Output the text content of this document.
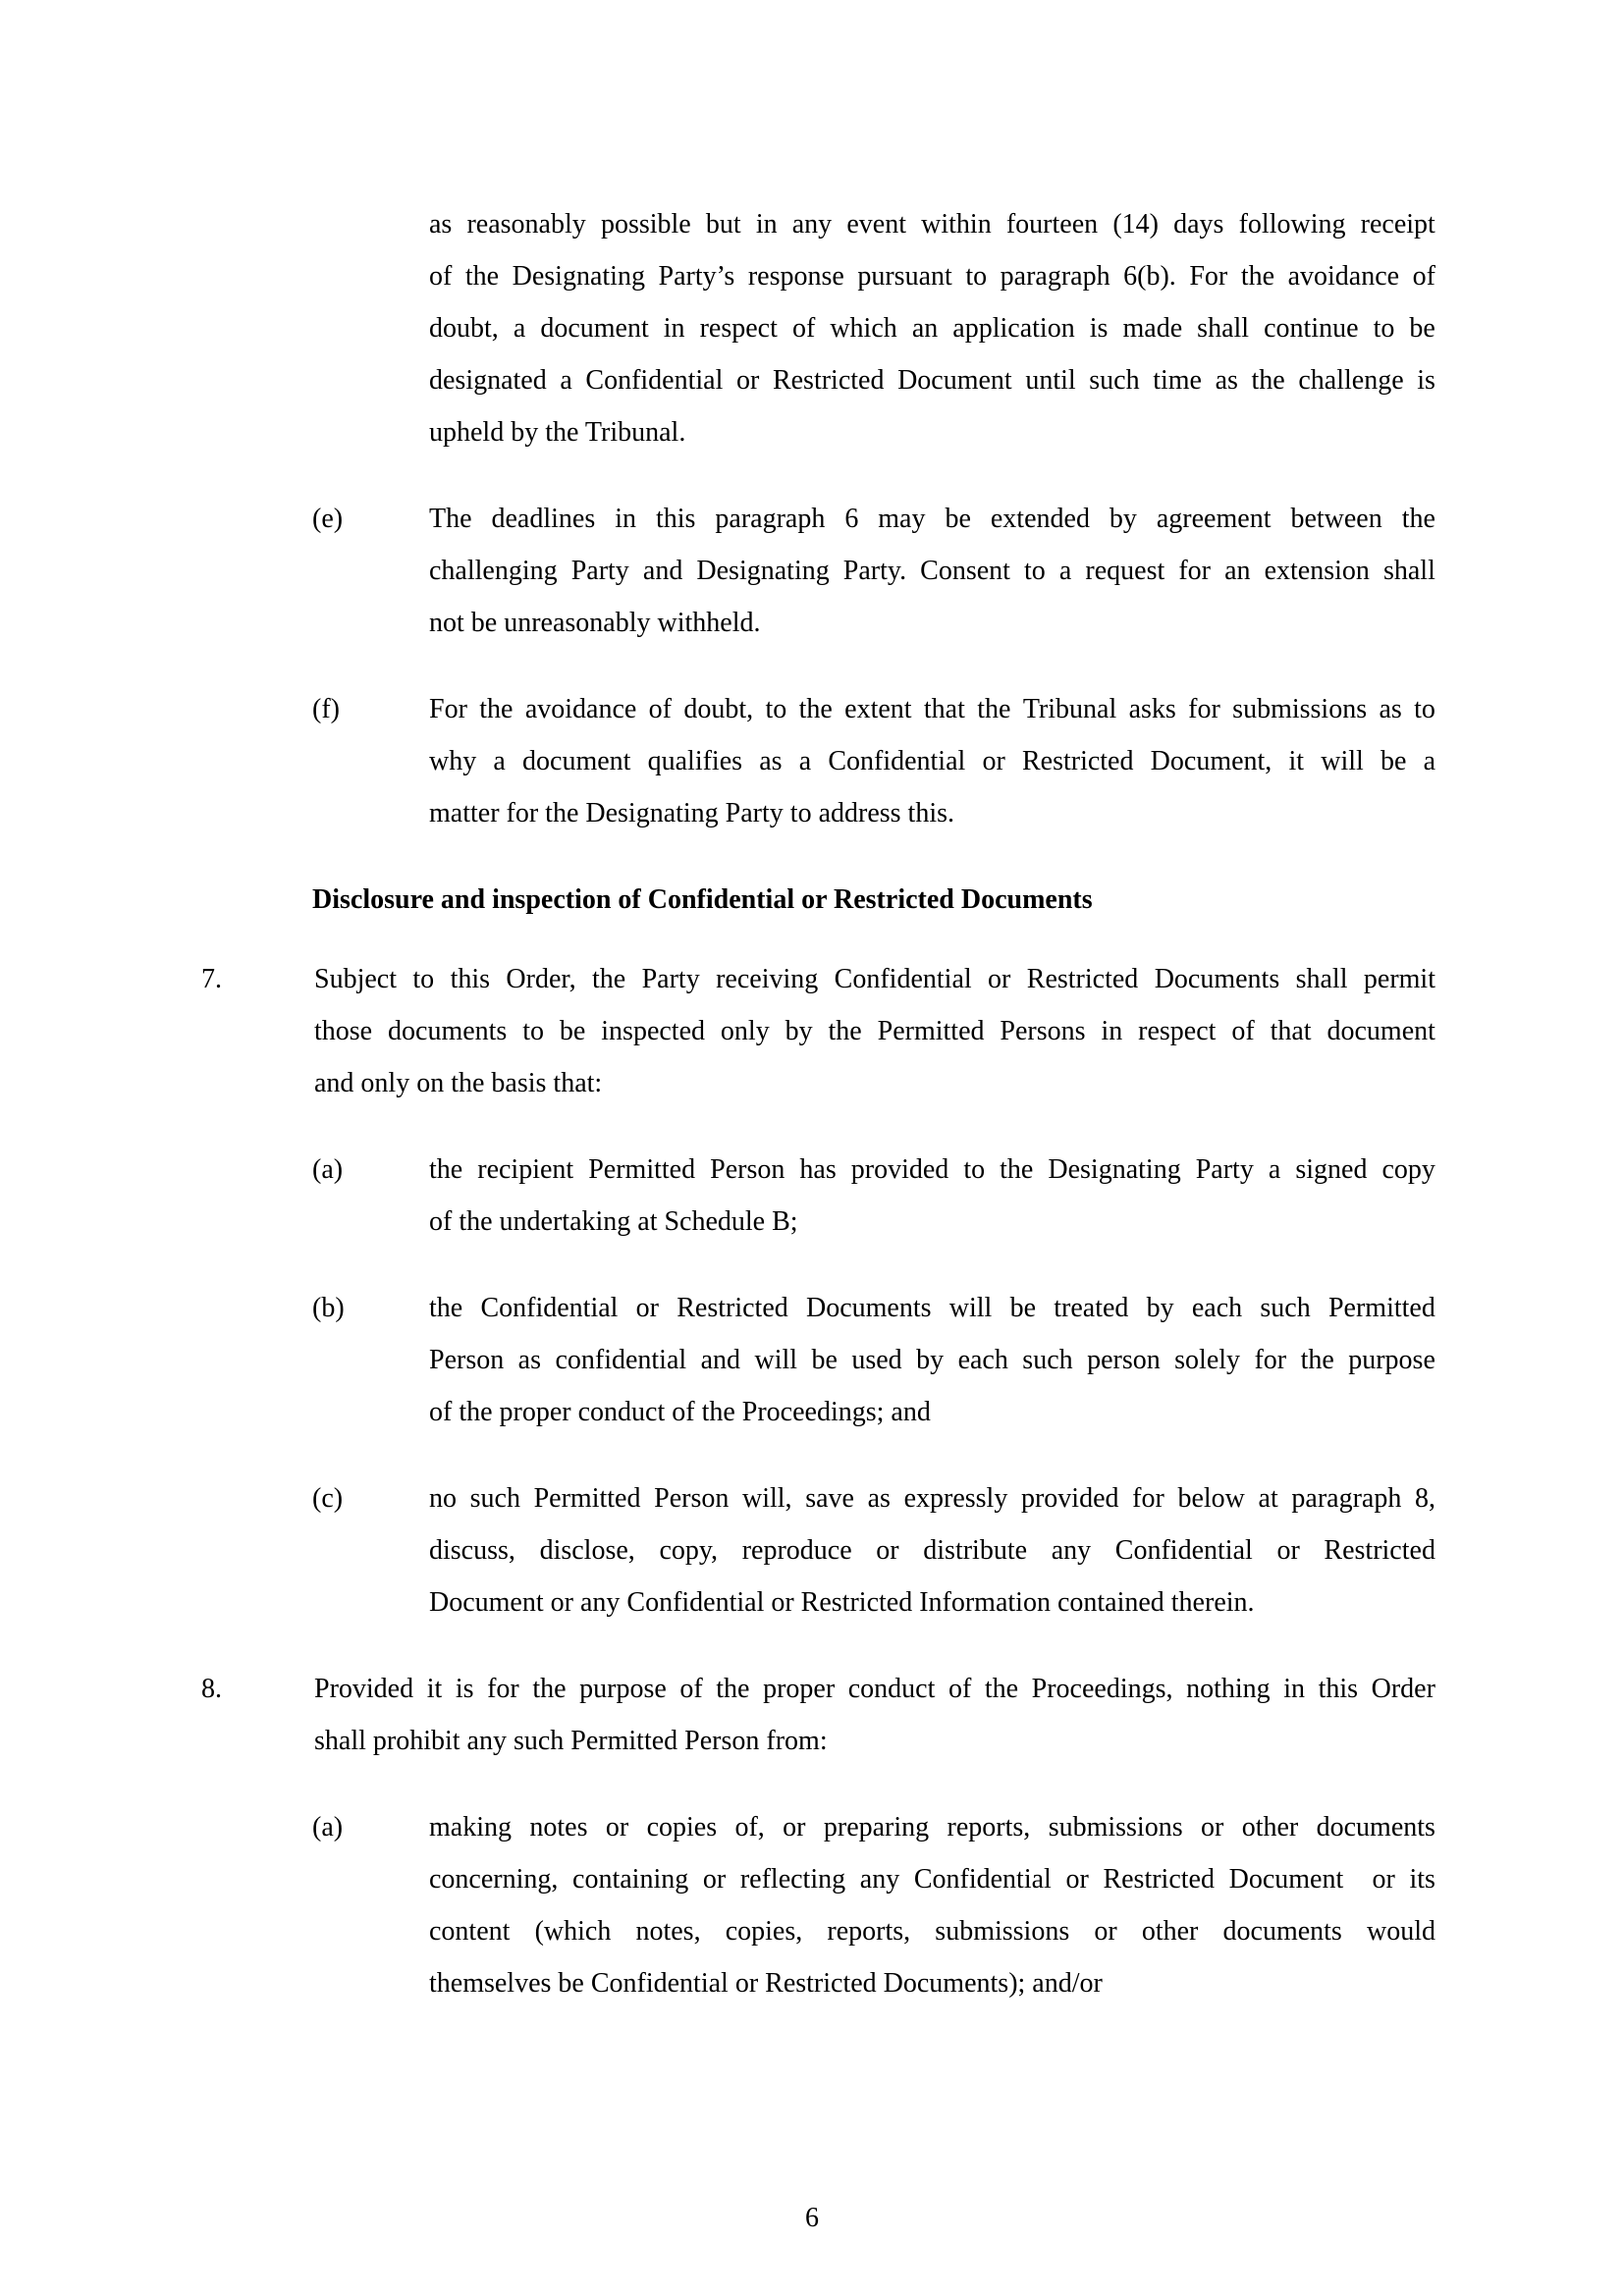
as reasonably possible but in any event within fourteen (14) days following receipt
of the Designating Party’s response pursuant to paragraph 6(b). For the avoidance of
doubt, a document in respect of which an application is made shall continue to be
designated a Confidential or Restricted Document until such time as the challenge is
upheld by the Tribunal.
(e)	The deadlines in this paragraph 6 may be extended by agreement between the
challenging Party and Designating Party. Consent to a request for an extension shall
not be unreasonably withheld.
(f)	For the avoidance of doubt, to the extent that the Tribunal asks for submissions as to
why a document qualifies as a Confidential or Restricted Document, it will be a
matter for the Designating Party to address this.
Disclosure and inspection of Confidential or Restricted Documents
7.	Subject to this Order, the Party receiving Confidential or Restricted Documents shall permit
those documents to be inspected only by the Permitted Persons in respect of that document
and only on the basis that:
(a)	the recipient Permitted Person has provided to the Designating Party a signed copy
of the undertaking at Schedule B;
(b)	the Confidential or Restricted Documents will be treated by each such Permitted
Person as confidential and will be used by each such person solely for the purpose
of the proper conduct of the Proceedings; and
(c)	no such Permitted Person will, save as expressly provided for below at paragraph 8,
discuss, disclose, copy, reproduce or distribute any Confidential or Restricted
Document or any Confidential or Restricted Information contained therein.
8.	Provided it is for the purpose of the proper conduct of the Proceedings, nothing in this Order
shall prohibit any such Permitted Person from:
(a)	making notes or copies of, or preparing reports, submissions or other documents
concerning, containing or reflecting any Confidential or Restricted Document or its
content (which notes, copies, reports, submissions or other documents would
themselves be Confidential or Restricted Documents); and/or
6
